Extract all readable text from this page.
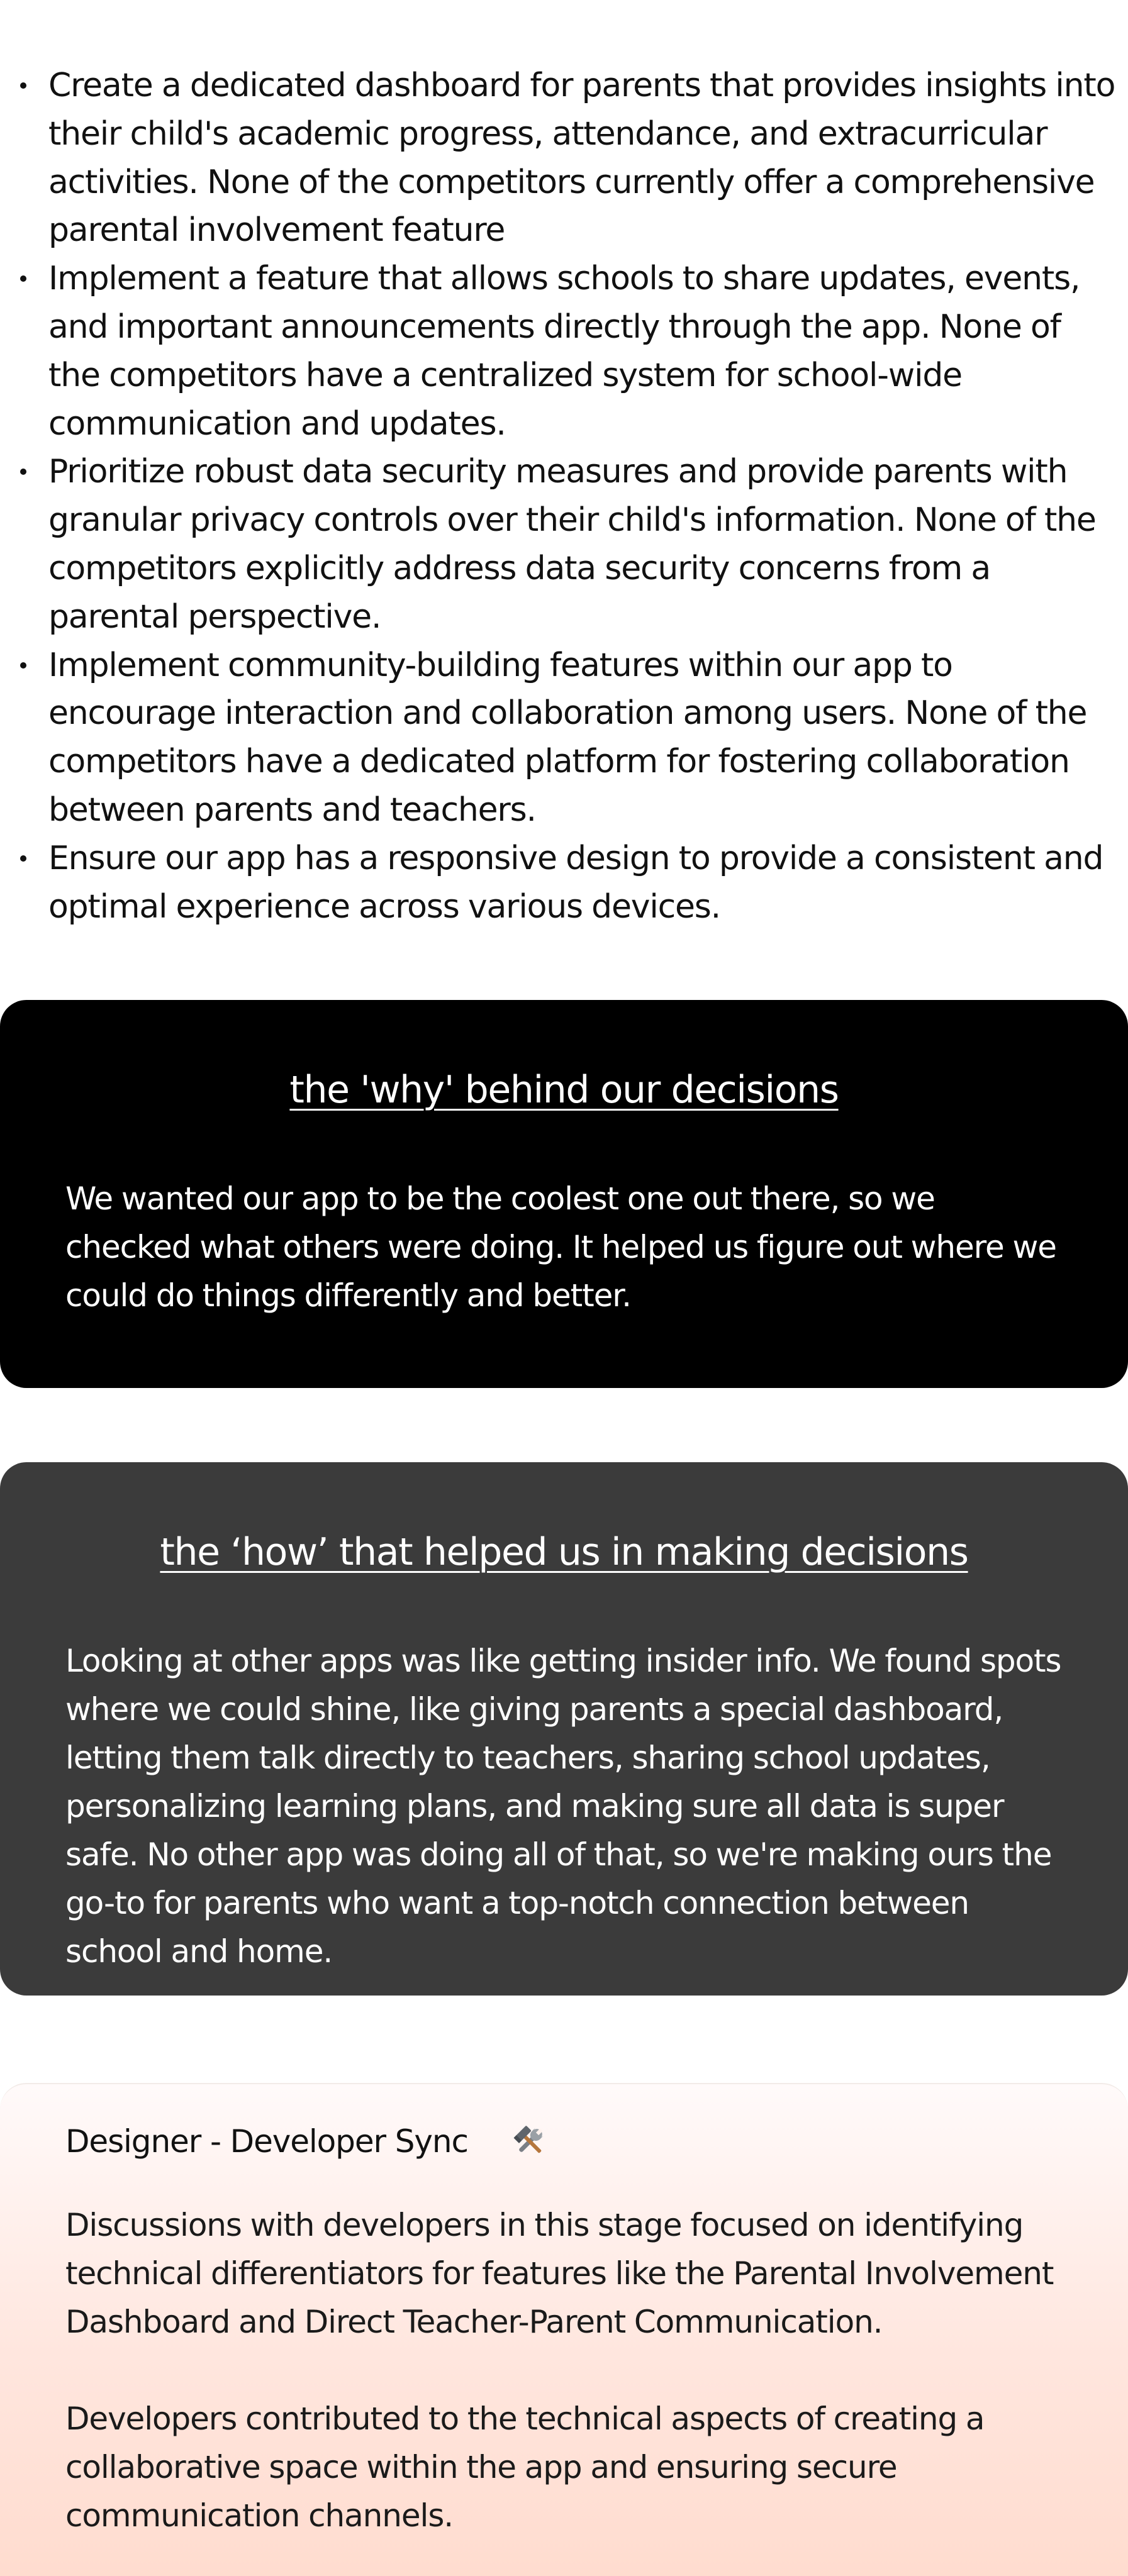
Create a dedicated dashboard for parents that provides insights into their child's academic progress, attendance, and extracurricular activities. None of the competitors currently offer a comprehensive parental involvement feature
Implement a feature that allows schools to share updates, events, and important announcements directly through the app. None of the competitors have a centralized system for school-wide communication and updates.
Prioritize robust data security measures and provide parents with granular privacy controls over their child's information. None of the competitors explicitly address data security concerns from a parental perspective.
Implement community-building features within our app to encourage interaction and collaboration among users. None of the competitors have a dedicated platform for fostering collaboration between parents and teachers.
Ensure our app has a responsive design to provide a consistent and optimal experience across various devices.
the 'why' behind our decisions

We wanted our app to be the coolest one out there, so we checked what others were doing. It helped us figure out where we could do things differently and better.

the ‘how’ that helped us in making decisions

Looking at other apps was like getting insider info. We found spots where we could shine, like giving parents a special dashboard, letting them talk directly to teachers, sharing school updates, personalizing learning plans, and making sure all data is super safe. No other app was doing all of that, so we're making ours the go-to for parents who want a top-notch connection between school and home.

Designer - Developer Sync

Discussions with developers in this stage focused on identifying technical differentiators for features like the Parental Involvement Dashboard and Direct Teacher-Parent Communication.

Developers contributed to the technical aspects of creating a collaborative space within the app and ensuring secure communication channels.
